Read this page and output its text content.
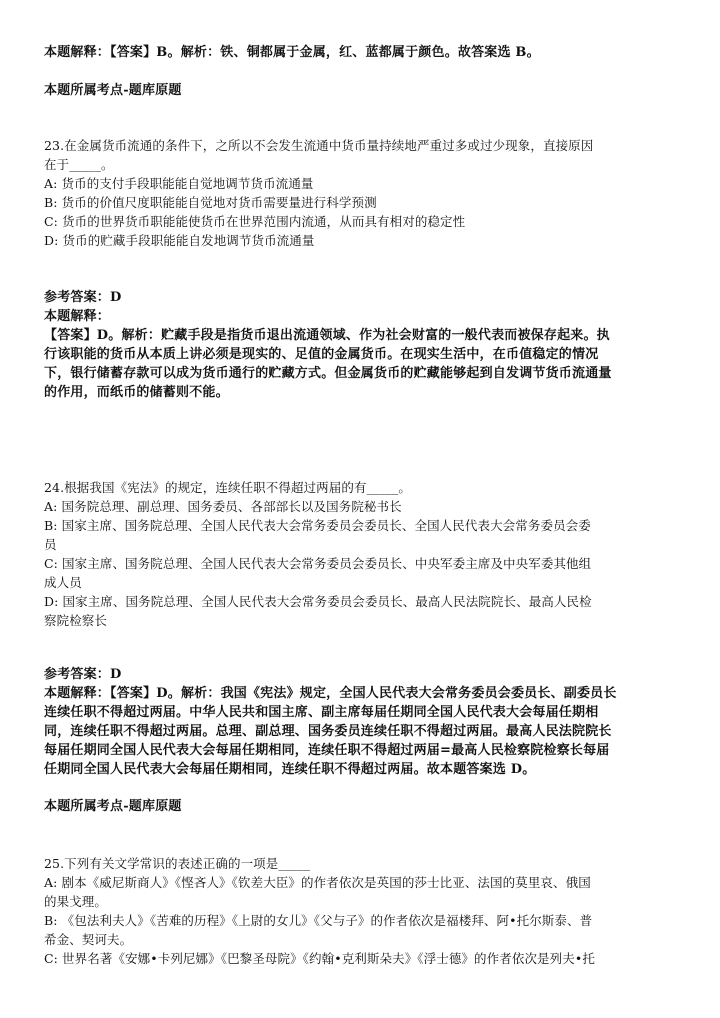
本题解释：【答案】B。解析：铁、铜都属于金属，红、蓝都属于颜色。故答案选 B。
本题所属考点-题库原题
23.在金属货币流通的条件下，之所以不会发生流通中货币量持续地严重过多或过少现象，直接原因
在于_____。
A: 货币的支付手段职能能自觉地调节货币流通量
B: 货币的价值尺度职能能自觉地对货币需要量进行科学预测
C: 货币的世界货币职能能使货币在世界范围内流通，从而具有相对的稳定性
D: 货币的贮藏手段职能能自发地调节货币流通量
参考答案：D
本题解释：
【答案】D。解析：贮藏手段是指货币退出流通领域、作为社会财富的一般代表而被保存起来。执
行该职能的货币从本质上讲必须是现实的、足值的金属货币。在现实生活中，在币值稳定的情况
下，银行储蓄存款可以成为货币通行的贮藏方式。但金属货币的贮藏能够起到自发调节货币流通量
的作用，而纸币的储蓄则不能。
24.根据我国《宪法》的规定，连续任职不得超过两届的有_____。
A: 国务院总理、副总理、国务委员、各部部长以及国务院秘书长
B: 国家主席、国务院总理、全国人民代表大会常务委员会委员长、全国人民代表大会常务委员会委
员
C: 国家主席、国务院总理、全国人民代表大会常务委员会委员长、中央军委主席及中央军委其他组
成人员
D: 国家主席、国务院总理、全国人民代表大会常务委员会委员长、最高人民法院院长、最高人民检
察院检察长
参考答案：D
本题解释：【答案】D。解析：我国《宪法》规定，全国人民代表大会常务委员会委员长、副委员长
连续任职不得超过两届。中华人民共和国主席、副主席每届任期同全国人民代表大会每届任期相
同，连续任职不得超过两届。总理、副总理、国务委员连续任职不得超过两届。最高人民法院院长
每届任期同全国人民代表大会每届任期相同，连续任职不得超过两届=最高人民检察院检察长每届
任期同全国人民代表大会每届任期相同，连续任职不得超过两届。故本题答案选 D。
本题所属考点-题库原题
25.下列有关文学常识的表述正确的一项是_____
A: 剧本《威尼斯商人》《悭吝人》《钦差大臣》的作者依次是英国的莎士比亚、法国的莫里哀、俄国
的果戈理。
B: 《包法利夫人》《苦难的历程》《上尉的女儿》《父与子》的作者依次是福楼拜、阿•托尔斯泰、普
希金、契诃夫。
C: 世界名著《安娜•卡列尼娜》《巴黎圣母院》《约翰•克利斯朵夫》《浮士德》的作者依次是列夫•托
